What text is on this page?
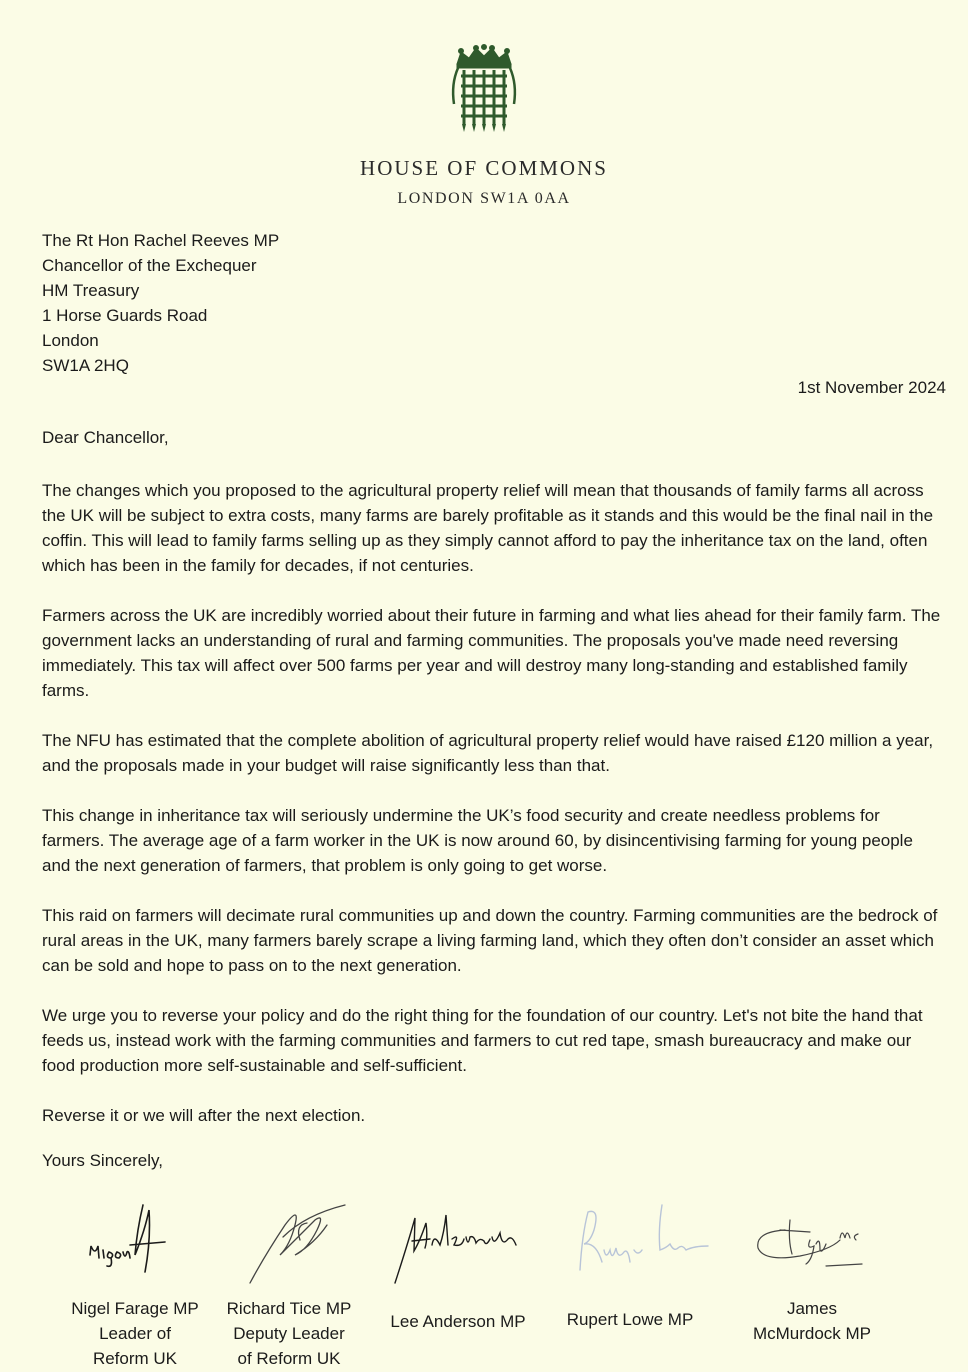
HOUSE OF COMMONS
LONDON SW1A 0AA
The Rt Hon Rachel Reeves MP
Chancellor of the Exchequer
HM Treasury
1 Horse Guards Road
London
SW1A 2HQ
1st November 2024
Dear Chancellor,

The changes which you proposed to the agricultural property relief will mean that thousands of family farms all across the UK will be subject to extra costs, many farms are barely profitable as it stands and this would be the final nail in the coffin. This will lead to family farms selling up as they simply cannot afford to pay the inheritance tax on the land, often which has been in the family for decades, if not centuries.

Farmers across the UK are incredibly worried about their future in farming and what lies ahead for their family farm. The government lacks an understanding of rural and farming communities. The proposals you've made need reversing immediately. This tax will affect over 500 farms per year and will destroy many long-standing and established family farms.

The NFU has estimated that the complete abolition of agricultural property relief would have raised £120 million a year, and the proposals made in your budget will raise significantly less than that.

This change in inheritance tax will seriously undermine the UK’s food security and create needless problems for farmers. The average age of a farm worker in the UK is now around 60, by disincentivising farming for young people and the next generation of farmers, that problem is only going to get worse.

This raid on farmers will decimate rural communities up and down the country. Farming communities are the bedrock of rural areas in the UK, many farmers barely scrape a living farming land, which they often don’t consider an asset which can be sold and hope to pass on to the next generation.

We urge you to reverse your policy and do the right thing for the foundation of our country. Let's not bite the hand that feeds us, instead work with the farming communities and farmers to cut red tape, smash bureaucracy and make our food production more self-sustainable and self-sufficient.

Reverse it or we will after the next election.

Yours Sincerely,
Nigel Farage MP
Leader of
Reform UK
Richard Tice MP
Deputy Leader
of Reform UK
Lee Anderson MP	Rupert Lowe MP
James
McMurdock MP
